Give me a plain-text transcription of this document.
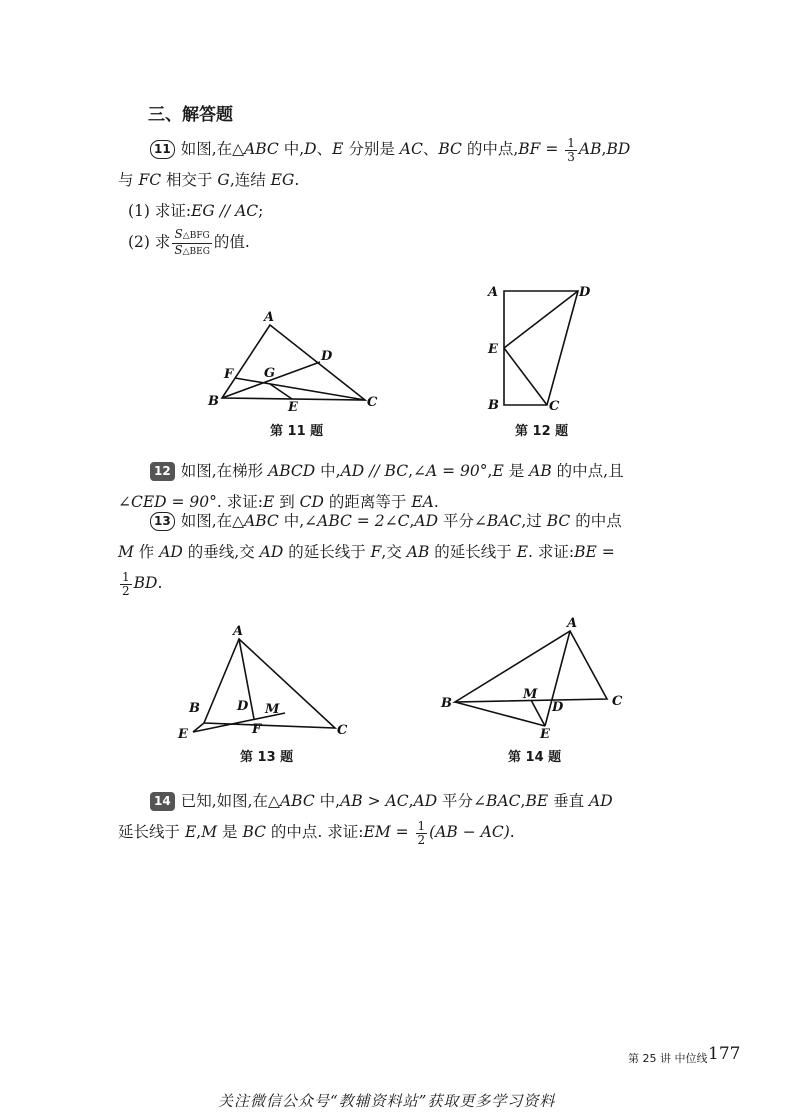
三、解答题
11 如图,在△ABC 中,D、E 分别是 AC、BC 的中点$,BF = \frac{1}{3} AB,BD$
与 FC 相交于 G,连结 EG.
(1) 求证:EG // AC;
(2) 求 $\frac{\text{S△BFG}}{\text{S△BEG}}$ 的值.
A
B	C
D
E
F G
第 11 题
A	D
E
B	C
第 12 题
12 如图,在梯形 ABCD 中,AD // BC,∠A = 90°,E 是 AB 的中点,且
∠CED = 90°. 求证:E 到 CD 的距离等于 EA.
13 如图,在△ABC 中,∠ABC = 2∠C,AD 平分∠BAC,过 BC 的中点
M 作 AD 的垂线,交 AD 的延长线于 F,交 AB 的延长线于 E. 求证:BE =
$\frac{1}{2}$ BD.
A
B
C
D
E	F
M
第 13 题
A
B	C
D
E
M
第 14 题
14 已知,如图,在△ABC 中,AB > AC,AD 平分∠BAC,BE 垂直 AD
延长线于 E,M 是 BC 的中点. 求证:EM = $\frac{1}{2} (AB - AC)$.
第 25 讲 中位线 177
关注微信公众号“教辅资料站”获取更多学习资料
